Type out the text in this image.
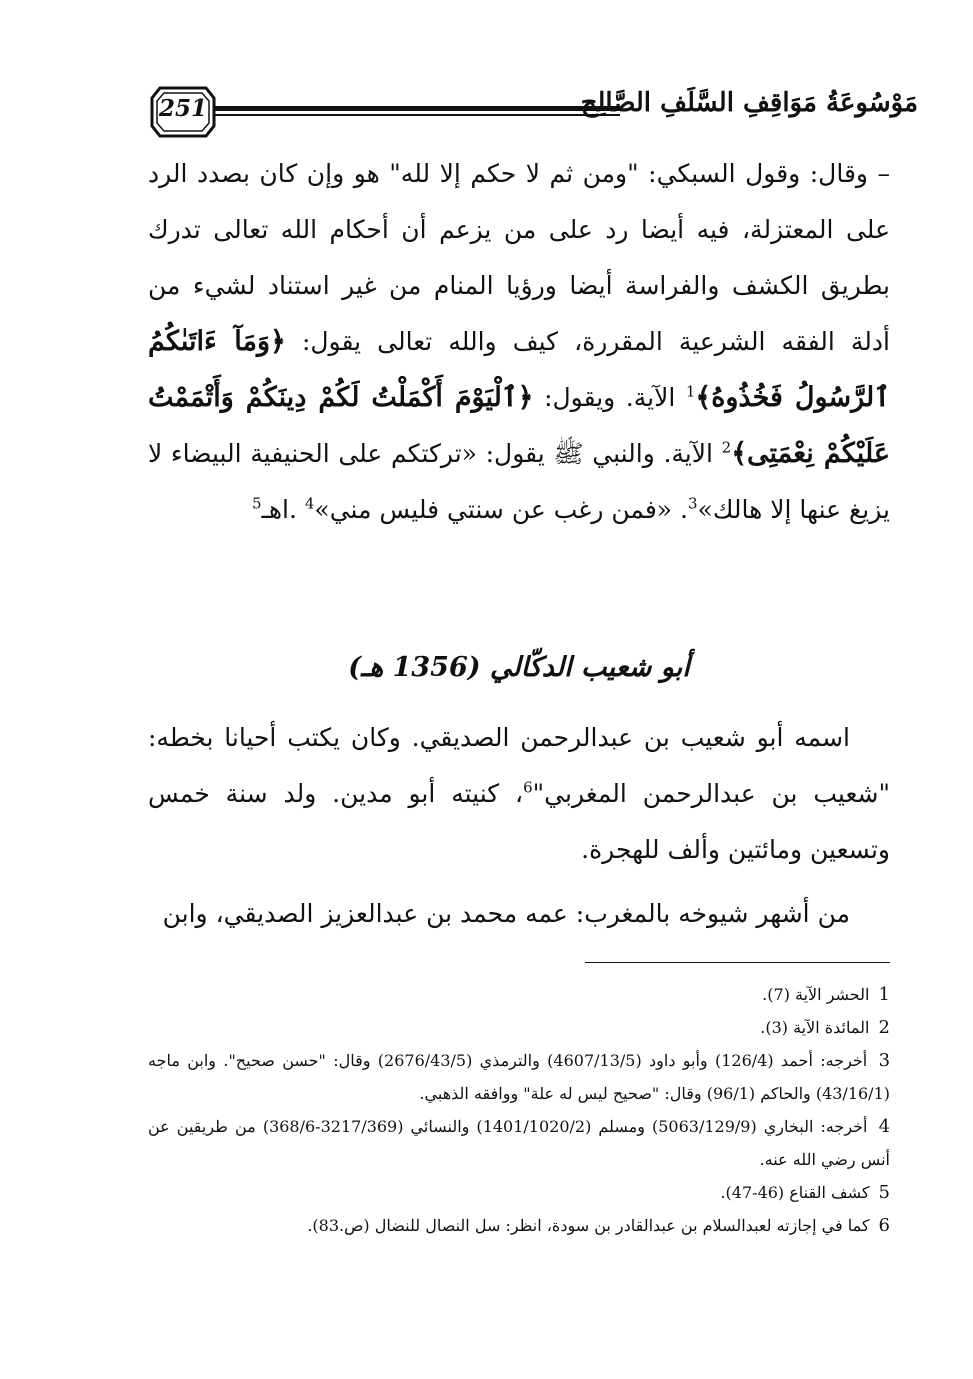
251	مَوْسُوعَةُ مَوَاقِفِ السَّلَفِ الصَّالِح

– وقال: وقول السبكي: "ومن ثم لا حكم إلا لله" هو وإن كان بصدد الرد على المعتزلة، فيه أيضا رد على من يزعم أن أحكام الله تعالى تدرك بطريق الكشف والفراسة أيضا ورؤيا المنام من غير استناد لشيء من أدلة الفقه الشرعية المقررة، كيف والله تعالى يقول: ﴿وَمَآ ءَاتَىٰكُمُ ٱلرَّسُولُ فَخُذُوهُ﴾$^1$ الآية. ويقول: ﴿ٱلْيَوْمَ أَكْمَلْتُ لَكُمْ دِينَكُمْ وَأَتْمَمْتُ عَلَيْكُمْ نِعْمَتِى﴾$^2$ الآية. والنبي ﷺ يقول: «تركتكم على الحنيفية البيضاء لا يزيغ عنها إلا هالك»$^3$. «فمن رغب عن سنتي فليس مني»$^4$ .اهـ$^5$

أبو شعيب الدكّالي (1356 هـ)

اسمه أبو شعيب بن عبدالرحمن الصديقي. وكان يكتب أحيانا بخطه: "شعيب بن عبدالرحمن المغربي"$^6$، كنيته أبو مدين. ولد سنة خمس وتسعين ومائتين وألف للهجرة.

من أشهر شيوخه بالمغرب: عمه محمد بن عبدالعزيز الصديقي، وابن

1 الحشر الآية (7).

2 المائدة الآية (3).

3 أخرجه: أحمد (126/4) وأبو داود (4607/13/5) والترمذي (2676/43/5) وقال: "حسن صحيح". وابن ماجه (43/16/1) والحاكم (96/1) وقال: "صحيح ليس له علة" ووافقه الذهبي.

4 أخرجه: البخاري (5063/129/9) ومسلم (1401/1020/2) والنسائي (3217/369-368/6) من طريقين عن أنس رضي الله عنه.

5 كشف القناع (46-47).

6 كما في إجازته لعبدالسلام بن عبدالقادر بن سودة، انظر: سل النصال للنضال (ص.83).
